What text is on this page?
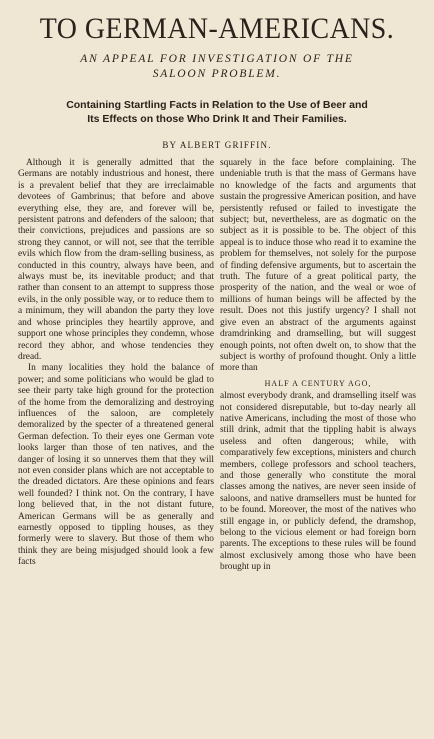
TO GERMAN-AMERICANS.
AN APPEAL FOR INVESTIGATION OF THE
SALOON PROBLEM.
Containing Startling Facts in Relation to the Use of Beer and
Its Effects on those Who Drink It and Their Families.
BY ALBERT GRIFFIN.

Although it is generally admitted that the Germans are notably industrious and honest, there is a prevalent belief that they are irreclaimable devotees of Gambrinus; that before and above everything else, they are, and forever will be, persistent patrons and defenders of the saloon; that their convictions, prejudices and passions are so strong they cannot, or will not, see that the terrible evils which flow from the dram-selling business, as conducted in this country, always have been, and always must be, its inevitable product; and that rather than consent to an attempt to suppress those evils, in the only possible way, or to reduce them to a minimum, they will abandon the party they love and whose principles they heartily approve, and support one whose principles they condemn, whose record they abhor, and whose tendencies they dread.

In many localities they hold the balance of power; and some politicians who would be glad to see their party take high ground for the protection of the home from the demoralizing and destroying influences of the saloon, are completely demoralized by the specter of a threatened general German defection. To their eyes one German vote looks larger than those of ten natives, and the danger of losing it so unnerves them that they will not even consider plans which are not acceptable to the dreaded dictators. Are these opinions and fears well founded? I think not. On the contrary, I have long believed that, in the not distant future, American Germans will be as generally and earnestly opposed to tippling houses, as they formerly were to slavery. But those of them who think they are being misjudged should look a few facts

squarely in the face before complaining. The undeniable truth is that the mass of Germans have no knowledge of the facts and arguments that sustain the progressive American position, and have persistently refused or failed to investigate the subject; but, nevertheless, are as dogmatic on the subject as it is possible to be. The object of this appeal is to induce those who read it to examine the problem for themselves, not solely for the purpose of finding defensive arguments, but to ascertain the truth. The future of a great political party, the prosperity of the nation, and the weal or woe of millions of human beings will be affected by the result. Does not this justify urgency? I shall not give even an abstract of the arguments against dramdrinking and dramselling, but will suggest enough points, not often dwelt on, to show that the subject is worthy of profound thought. Only a little more than

HALF A CENTURY AGO,

almost everybody drank, and dramselling itself was not considered disreputable, but to-day nearly all native Americans, including the most of those who still drink, admit that the tippling habit is always useless and often dangerous; while, with comparatively few exceptions, ministers and church members, college professors and school teachers, and those generally who constitute the moral classes among the natives, are never seen inside of saloons, and native dramsellers must be hunted for to be found. Moreover, the most of the natives who still engage in, or publicly defend, the dramshop, belong to the vicious element or had foreign born parents. The exceptions to these rules will be found almost exclusively among those who have been brought up in
